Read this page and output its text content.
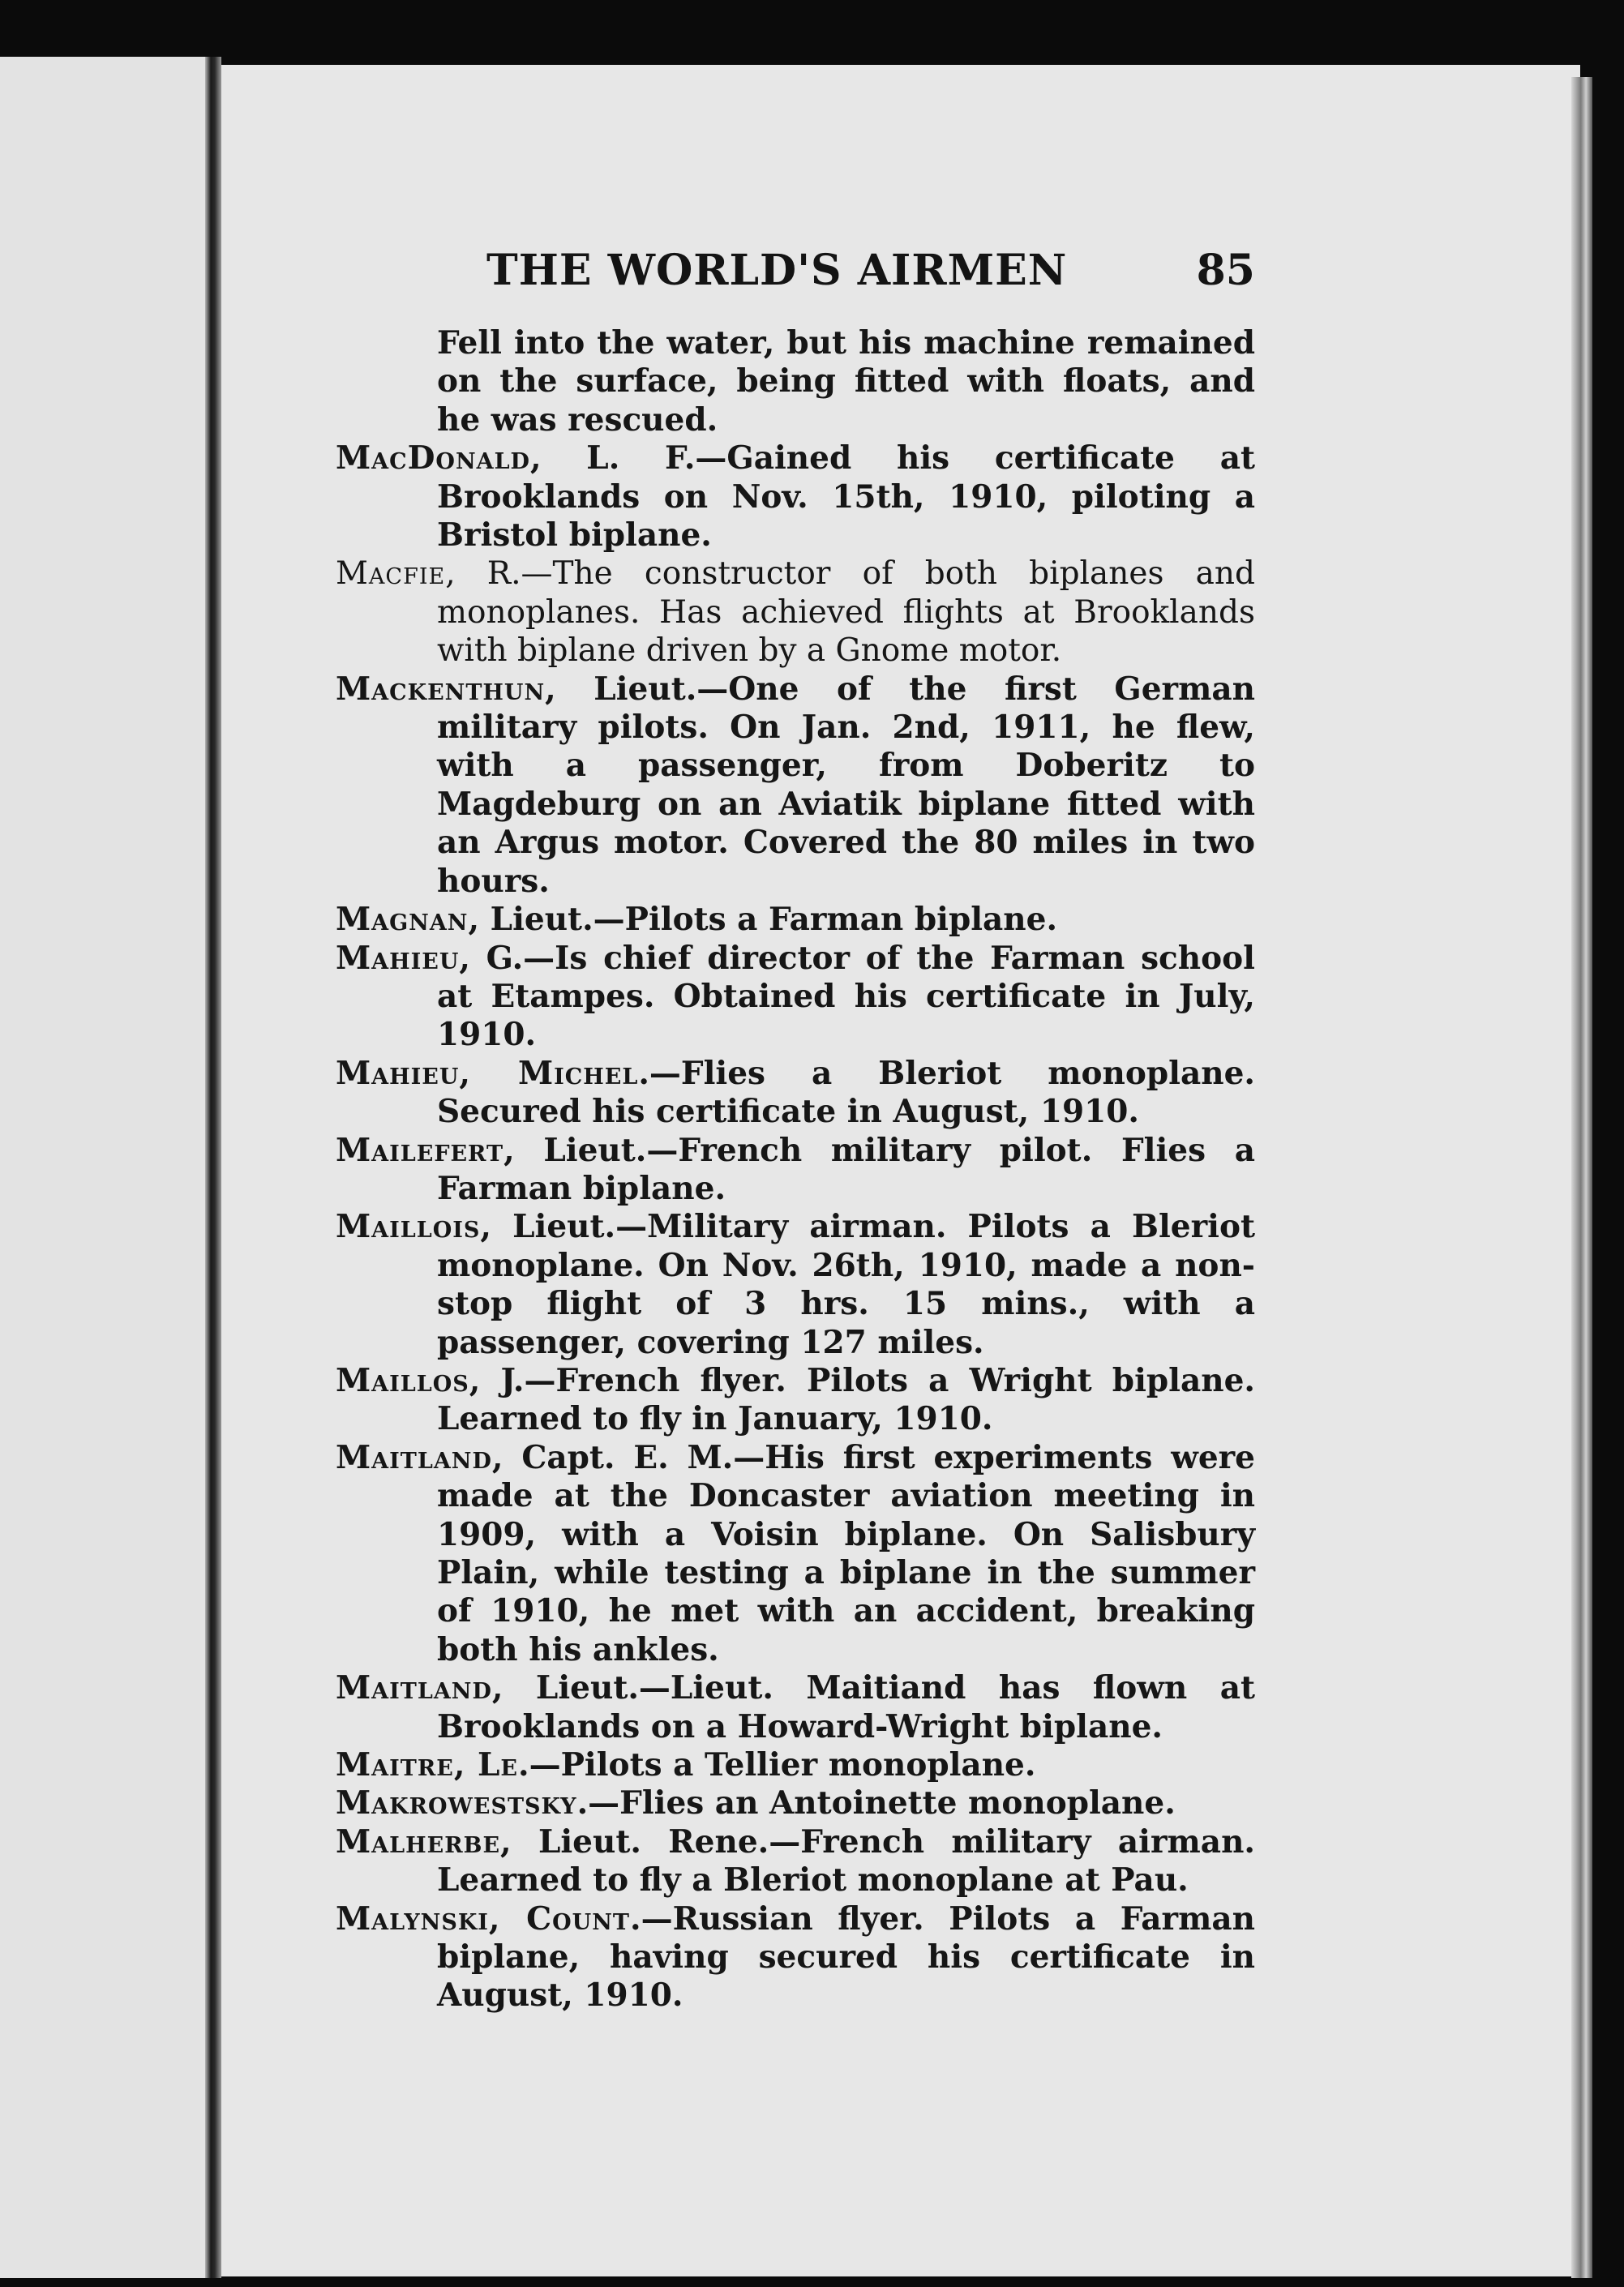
THE WORLD'S AIRMEN	85

Fell into the water, but his machine remained on the surface, being fitted with floats, and he was rescued.

MacDonald, L. F.—Gained his certificate at Brooklands on Nov. 15th, 1910, piloting a Bristol biplane.

Macfie, R.—The constructor of both biplanes and monoplanes. Has achieved flights at Brooklands with biplane driven by a Gnome motor.

Mackenthun, Lieut.—One of the first German military pilots. On Jan. 2nd, 1911, he flew, with a passenger, from Doberitz to Magdeburg on an Aviatik biplane fitted with an Argus motor. Covered the 80 miles in two hours.

Magnan, Lieut.—Pilots a Farman biplane.

Mahieu, G.—Is chief director of the Farman school at Etampes. Obtained his certificate in July, 1910.

Mahieu, Michel.—Flies a Bleriot monoplane. Secured his certificate in August, 1910.

Mailefert, Lieut.—French military pilot. Flies a Farman biplane.

Maillois, Lieut.—Military airman. Pilots a Bleriot monoplane. On Nov. 26th, 1910, made a non-stop flight of 3 hrs. 15 mins., with a passenger, covering 127 miles.

Maillos, J.—French flyer. Pilots a Wright biplane. Learned to fly in January, 1910.

Maitland, Capt. E. M.—His first experiments were made at the Doncaster aviation meeting in 1909, with a Voisin biplane. On Salisbury Plain, while testing a biplane in the summer of 1910, he met with an accident, breaking both his ankles.

Maitland, Lieut.—Lieut. Maitiand has flown at Brooklands on a Howard-Wright biplane.

Maitre, Le.—Pilots a Tellier monoplane.

Makrowestsky.—Flies an Antoinette monoplane.

Malherbe, Lieut. Rene.—French military airman. Learned to fly a Bleriot monoplane at Pau.

Malynski, Count.—Russian flyer. Pilots a Farman biplane, having secured his certificate in August, 1910.
